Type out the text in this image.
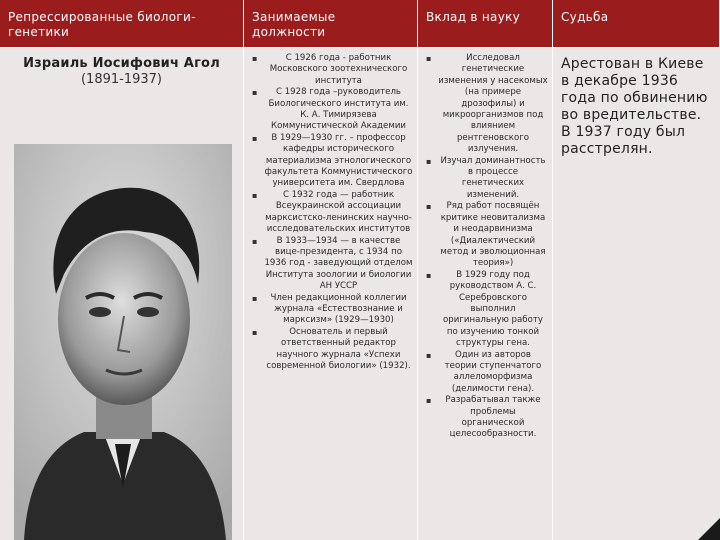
Репрессированные биологи-генетики
Занимаемые должности
Вклад в науку	Судьба
Израиль Иосифович Агол
(1891-1937)
▪ С 1926 года - работник Московского зоотехнического института
▪ С 1928 года –руководитель Биологического института им. К. А. Тимирязева Коммунистической Академии
▪ В 1929—1930 гг. – профессор кафедры исторического материализма этнологического факультета Коммунистического университета им. Свердлова
▪ С 1932 года — работник Всеукраинской ассоциации марксистско-ленинских научно-исследовательских институтов
▪ В 1933—1934 — в качестве вице-президента, с 1934 по 1936 год - заведующий отделом Института зоологии и биологии АН УССР
▪ Член редакционной коллегии журнала «Естествознание и марксизм» (1929—1930)
▪ Основатель и первый ответственный редактор научного журнала «Успехи современной биологии» (1932).
▪ Исследовал генетические изменения у насекомых (на примере дрозофилы) и микроорганизмов под влиянием рентгеновского излучения.
▪ Изучал доминантность в процессе генетических изменений.
▪ Ряд работ посвящён критике неовитализма и неодарвинизма («Диалектический метод и эволюционная теория»)
▪ В 1929 году под руководством А. С. Серебровского выполнил оригинальную работу по изучению тонкой структуры гена.
▪ Один из авторов теории ступенчатого аллеломорфизма (делимости гена).
▪ Разрабатывал также проблемы органической целесообразности.
Арестован в Киеве в декабре 1936 года по обвинению во вредительстве. В 1937 году был расстрелян.
